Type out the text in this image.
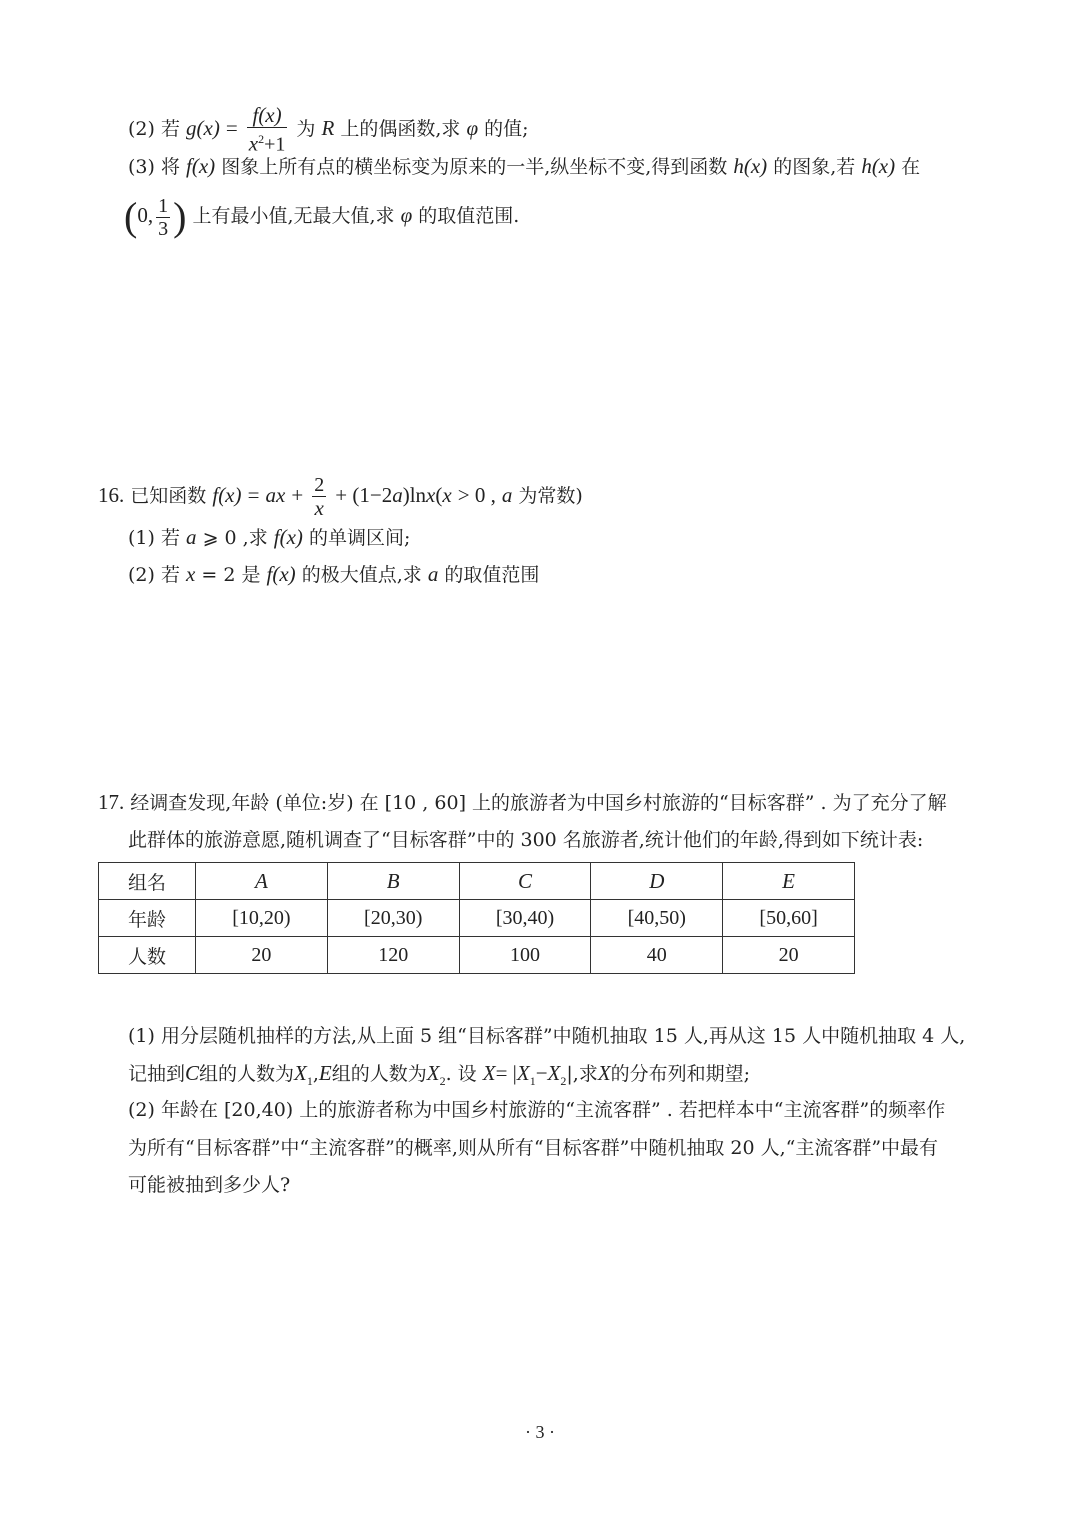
(2) 若 $g(x) = \frac{f(x)}{x^2+1}$ 为 R 上的偶函数,求 φ 的值;
(3) 将 f(x) 图象上所有点的横坐标变为原来的一半,纵坐标不变,得到函数 h(x) 的图象,若 h(x) 在
(0, $\frac{1}{3}$ ) 上有最小值,无最大值,求 φ 的取值范围.
16. 已知函数 f(x) = ax + $\frac{2}{x} + (1-2a)\ln x(x > 0$ , a 为常数)
(1) 若 a ⩾ 0 ,求 f(x) 的单调区间;
(2) 若 x = 2 是 f(x) 的极大值点,求 a 的取值范围
17. 经调查发现,年龄 (单位:岁) 在 [10 , 60] 上的旅游者为中国乡村旅游的“目标客群” . 为了充分了解
此群体的旅游意愿,随机调查了“目标客群”中的 300 名旅游者,统计他们的年龄,得到如下统计表:
组名	A	B	C	D	E
年龄	[10,20)	[20,30)	[30,40)	[40,50)	[50,60]
人数	20	120	100	40	20
(1) 用分层随机抽样的方法,从上面 5 组“目标客群”中随机抽取 15 人,再从这 15 人中随机抽取 4 人,
记抽到C组的人数为$X_1,E$组的人数为$X_2$. 设 $X= |X_1-X_2|$,求X的分布列和期望;
(2) 年龄在 [20,40) 上的旅游者称为中国乡村旅游的“主流客群” . 若把样本中“主流客群”的频率作
为所有“目标客群”中“主流客群”的概率,则从所有“目标客群”中随机抽取 20 人,“主流客群”中最有
可能被抽到多少人?
· 3 ·
